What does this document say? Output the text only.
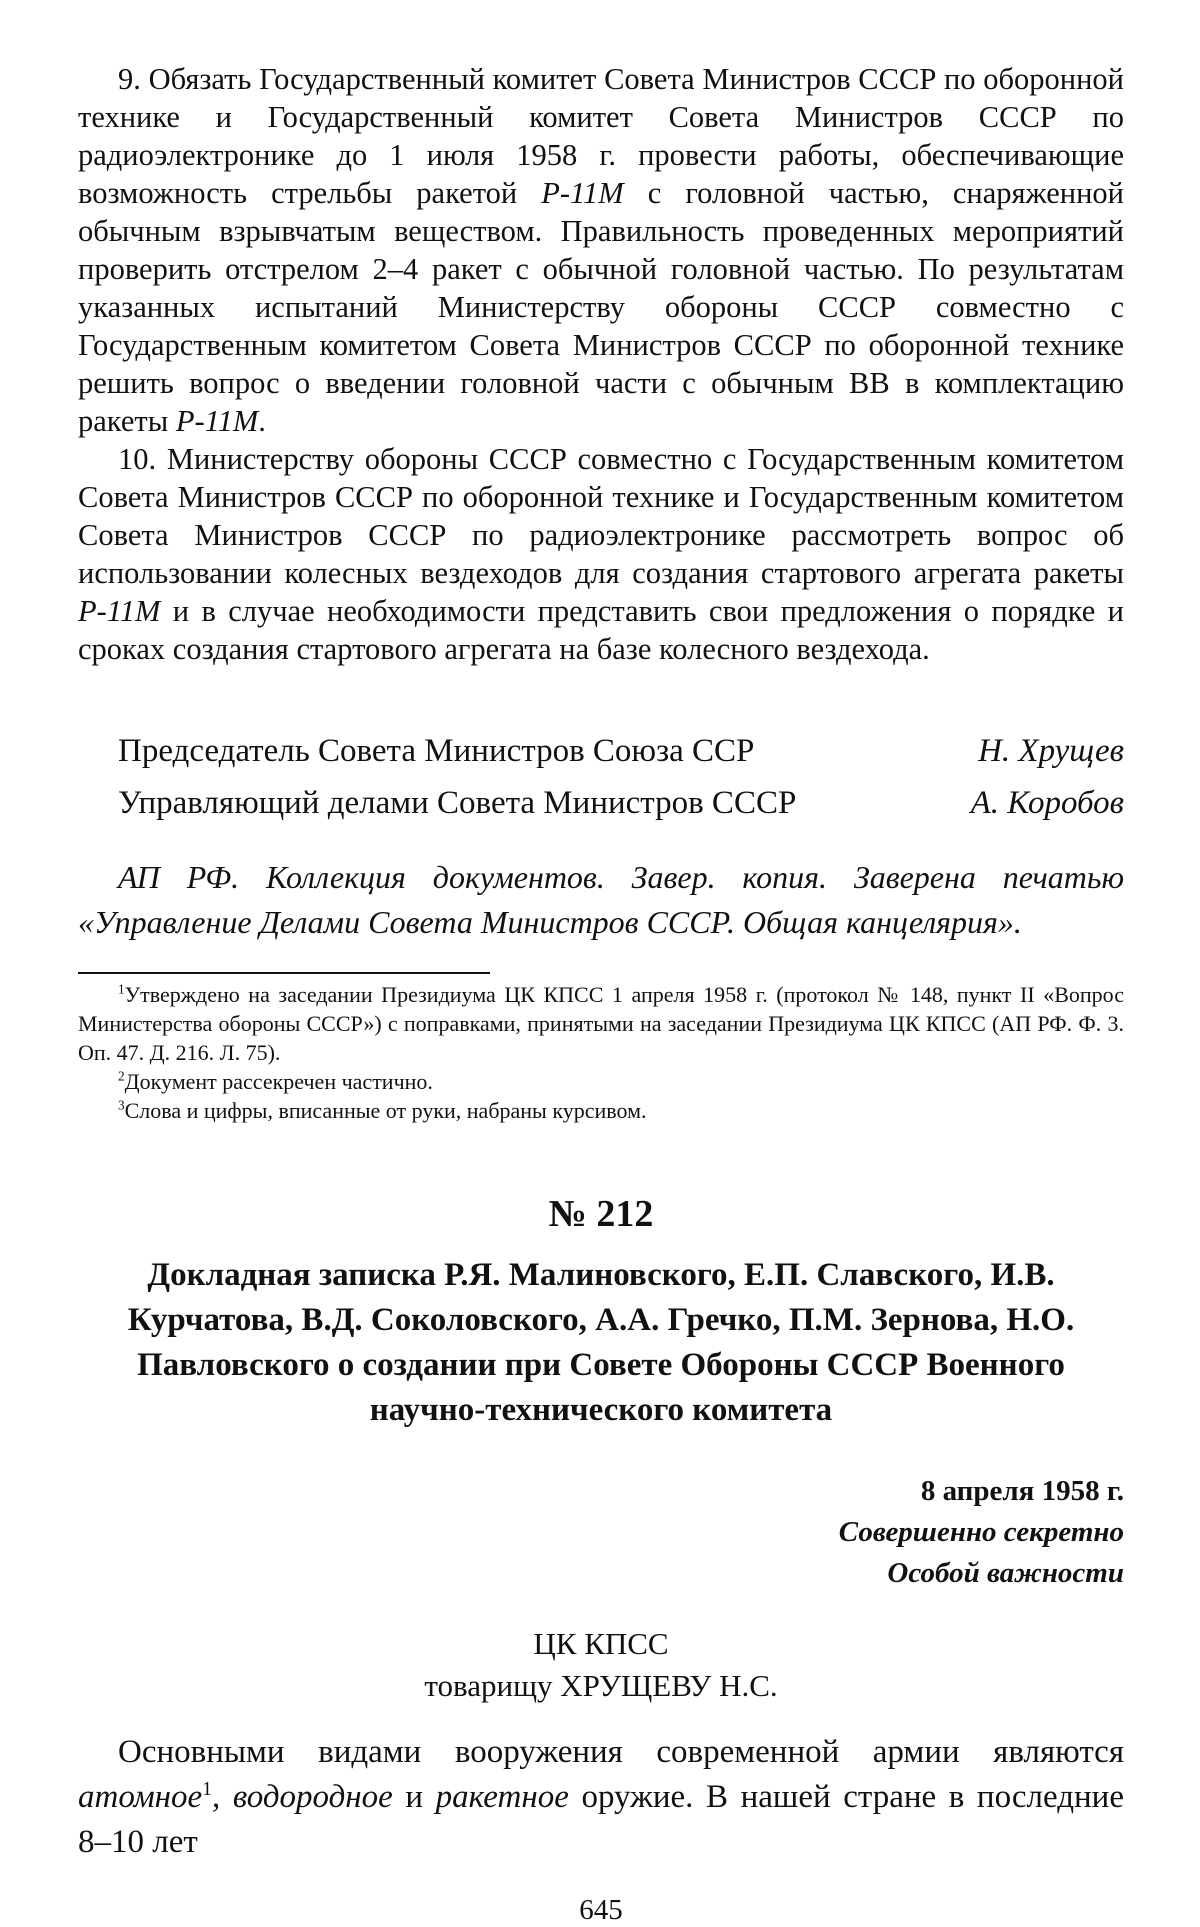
9. Обязать Государственный комитет Совета Министров СССР по оборонной технике и Государственный комитет Совета Министров СССР по радиоэлектронике до 1 июля 1958 г. провести работы, обеспечивающие возможность стрельбы ракетой Р-11М с головной частью, снаряженной обычным взрывчатым веществом. Правильность проведенных мероприятий проверить отстрелом 2–4 ракет с обычной головной частью. По результатам указанных испытаний Министерству обороны СССР совместно с Государственным комитетом Совета Министров СССР по оборонной технике решить вопрос о введении головной части с обычным ВВ в комплектацию ракеты Р-11М.

10. Министерству обороны СССР совместно с Государственным комитетом Совета Министров СССР по оборонной технике и Государственным комитетом Совета Министров СССР по радиоэлектронике рассмотреть вопрос об использовании колесных вездеходов для создания стартового агрегата ракеты Р-11М и в случае необходимости представить свои предложения о порядке и сроках создания стартового агрегата на базе колесного вездехода.

Председатель Совета Министров Союза ССР	Н. Хрущев
Управляющий делами Совета Министров СССР	А. Коробов

АП РФ. Коллекция документов. Завер. копия. Заверена печатью «Управление Делами Совета Министров СССР. Общая канцелярия».

$^1$Утверждено на заседании Президиума ЦК КПСС 1 апреля 1958 г. (протокол № 148, пункт II «Вопрос Министерства обороны СССР») с поправками, принятыми на заседании Президиума ЦК КПСС (АП РФ. Ф. 3. Оп. 47. Д. 216. Л. 75).

$^2$Документ рассекречен частично.

$^3$Слова и цифры, вписанные от руки, набраны курсивом.

№ 212
Докладная записка Р.Я. Малиновского, Е.П. Славского, И.В. Курчатова, В.Д. Соколовского, А.А. Гречко, П.М. Зернова, Н.О. Павловского о создании при Совете Обороны СССР Военного научно-технического комитета
8 апреля 1958 г.
Совершенно секретно
Особой важности
ЦК КПСС
товарищу ХРУЩЕВУ Н.С.

Основными видами вооружения современной армии являются атомное$^1$, водородное и ракетное оружие. В нашей стране в последние 8–10 лет

645
